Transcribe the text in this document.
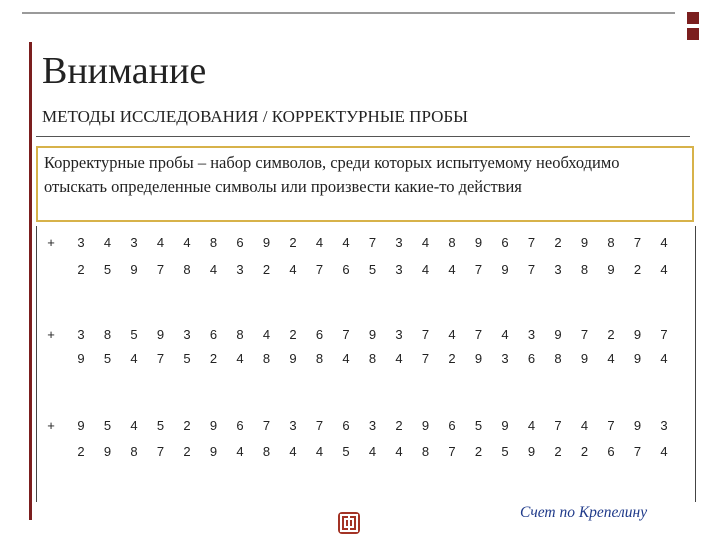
Внимание
МЕТОДЫ ИССЛЕДОВАНИЯ / КОРРЕКТУРНЫЕ ПРОБЫ
Корректурные пробы – набор символов, среди которых испытуемому необходимо отыскать определенные символы или произвести какие-то действия
+ 3 4 3 4 4 8 6 9 2 4 4 7 3 4 8 9 6 7 2 9 8 7 4
2 5 9 7 8 4 3 2 4 7 6 5 3 4 4 7 9 7 3 8 9 2 4
+ 3 8 5 9 3 6 8 4 2 6 7 9 3 7 4 7 4 3 9 7 2 9 7
9 5 4 7 5 2 4 8 9 8 4 8 4 7 2 9 3 6 8 9 4 9 4
+ 9 5 4 5 2 9 6 7 3 7 6 3 2 9 6 5 9 4 7 4 7 9 3
2 9 8 7 2 9 4 8 4 4 5 4 4 8 7 2 5 9 2 2 6 7 4
Счет по Крепелину
